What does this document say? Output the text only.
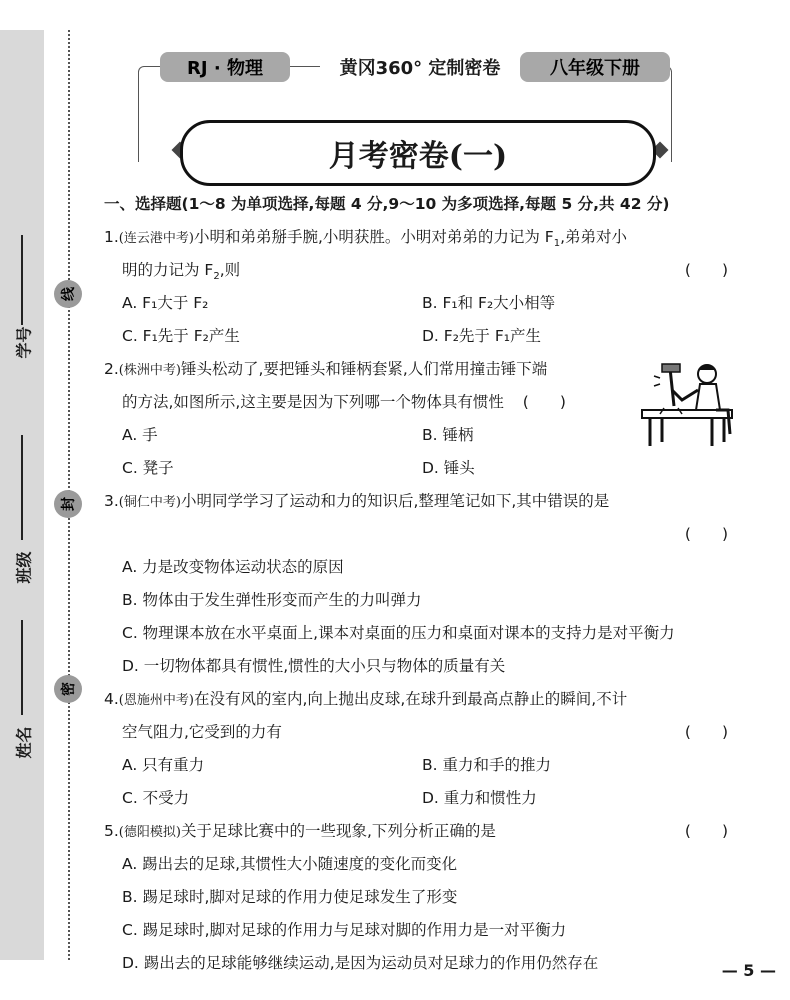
学号
班级
姓名
线
封
密
RJ · 物理	黄冈360° 定制密卷	八年级下册
月考密卷(一)
一、选择题(1～8 为单项选择,每题 4 分,9～10 为多项选择,每题 5 分,共 42 分)
1.(连云港中考)小明和弟弟掰手腕,小明获胜。小明对弟弟的力记为 $F_1$,弟弟对小
明的力记为 $F_2$,则	(　　)
A. F₁大于 F₂	B. F₁和 F₂大小相等
C. F₁先于 F₂产生	D. F₂先于 F₁产生
2.(株洲中考)锤头松动了,要把锤头和锤柄套紧,人们常用撞击锤下端
的方法,如图所示,这主要是因为下列哪一个物体具有惯性 (　　)
A. 手	B. 锤柄
C. 凳子	D. 锤头
3.(铜仁中考)小明同学学习了运动和力的知识后,整理笔记如下,其中错误的是
(　　)
A. 力是改变物体运动状态的原因
B. 物体由于发生弹性形变而产生的力叫弹力
C. 物理课本放在水平桌面上,课本对桌面的压力和桌面对课本的支持力是对平衡力
D. 一切物体都具有惯性,惯性的大小只与物体的质量有关
4.(恩施州中考)在没有风的室内,向上抛出皮球,在球升到最高点静止的瞬间,不计
空气阻力,它受到的力有	(　　)
A. 只有重力	B. 重力和手的推力
C. 不受力	D. 重力和惯性力
5.(德阳模拟)关于足球比赛中的一些现象,下列分析正确的是	(　　)
A. 踢出去的足球,其惯性大小随速度的变化而变化
B. 踢足球时,脚对足球的作用力使足球发生了形变
C. 踢足球时,脚对足球的作用力与足球对脚的作用力是一对平衡力
D. 踢出去的足球能够继续运动,是因为运动员对足球力的作用仍然存在	— 5 —
